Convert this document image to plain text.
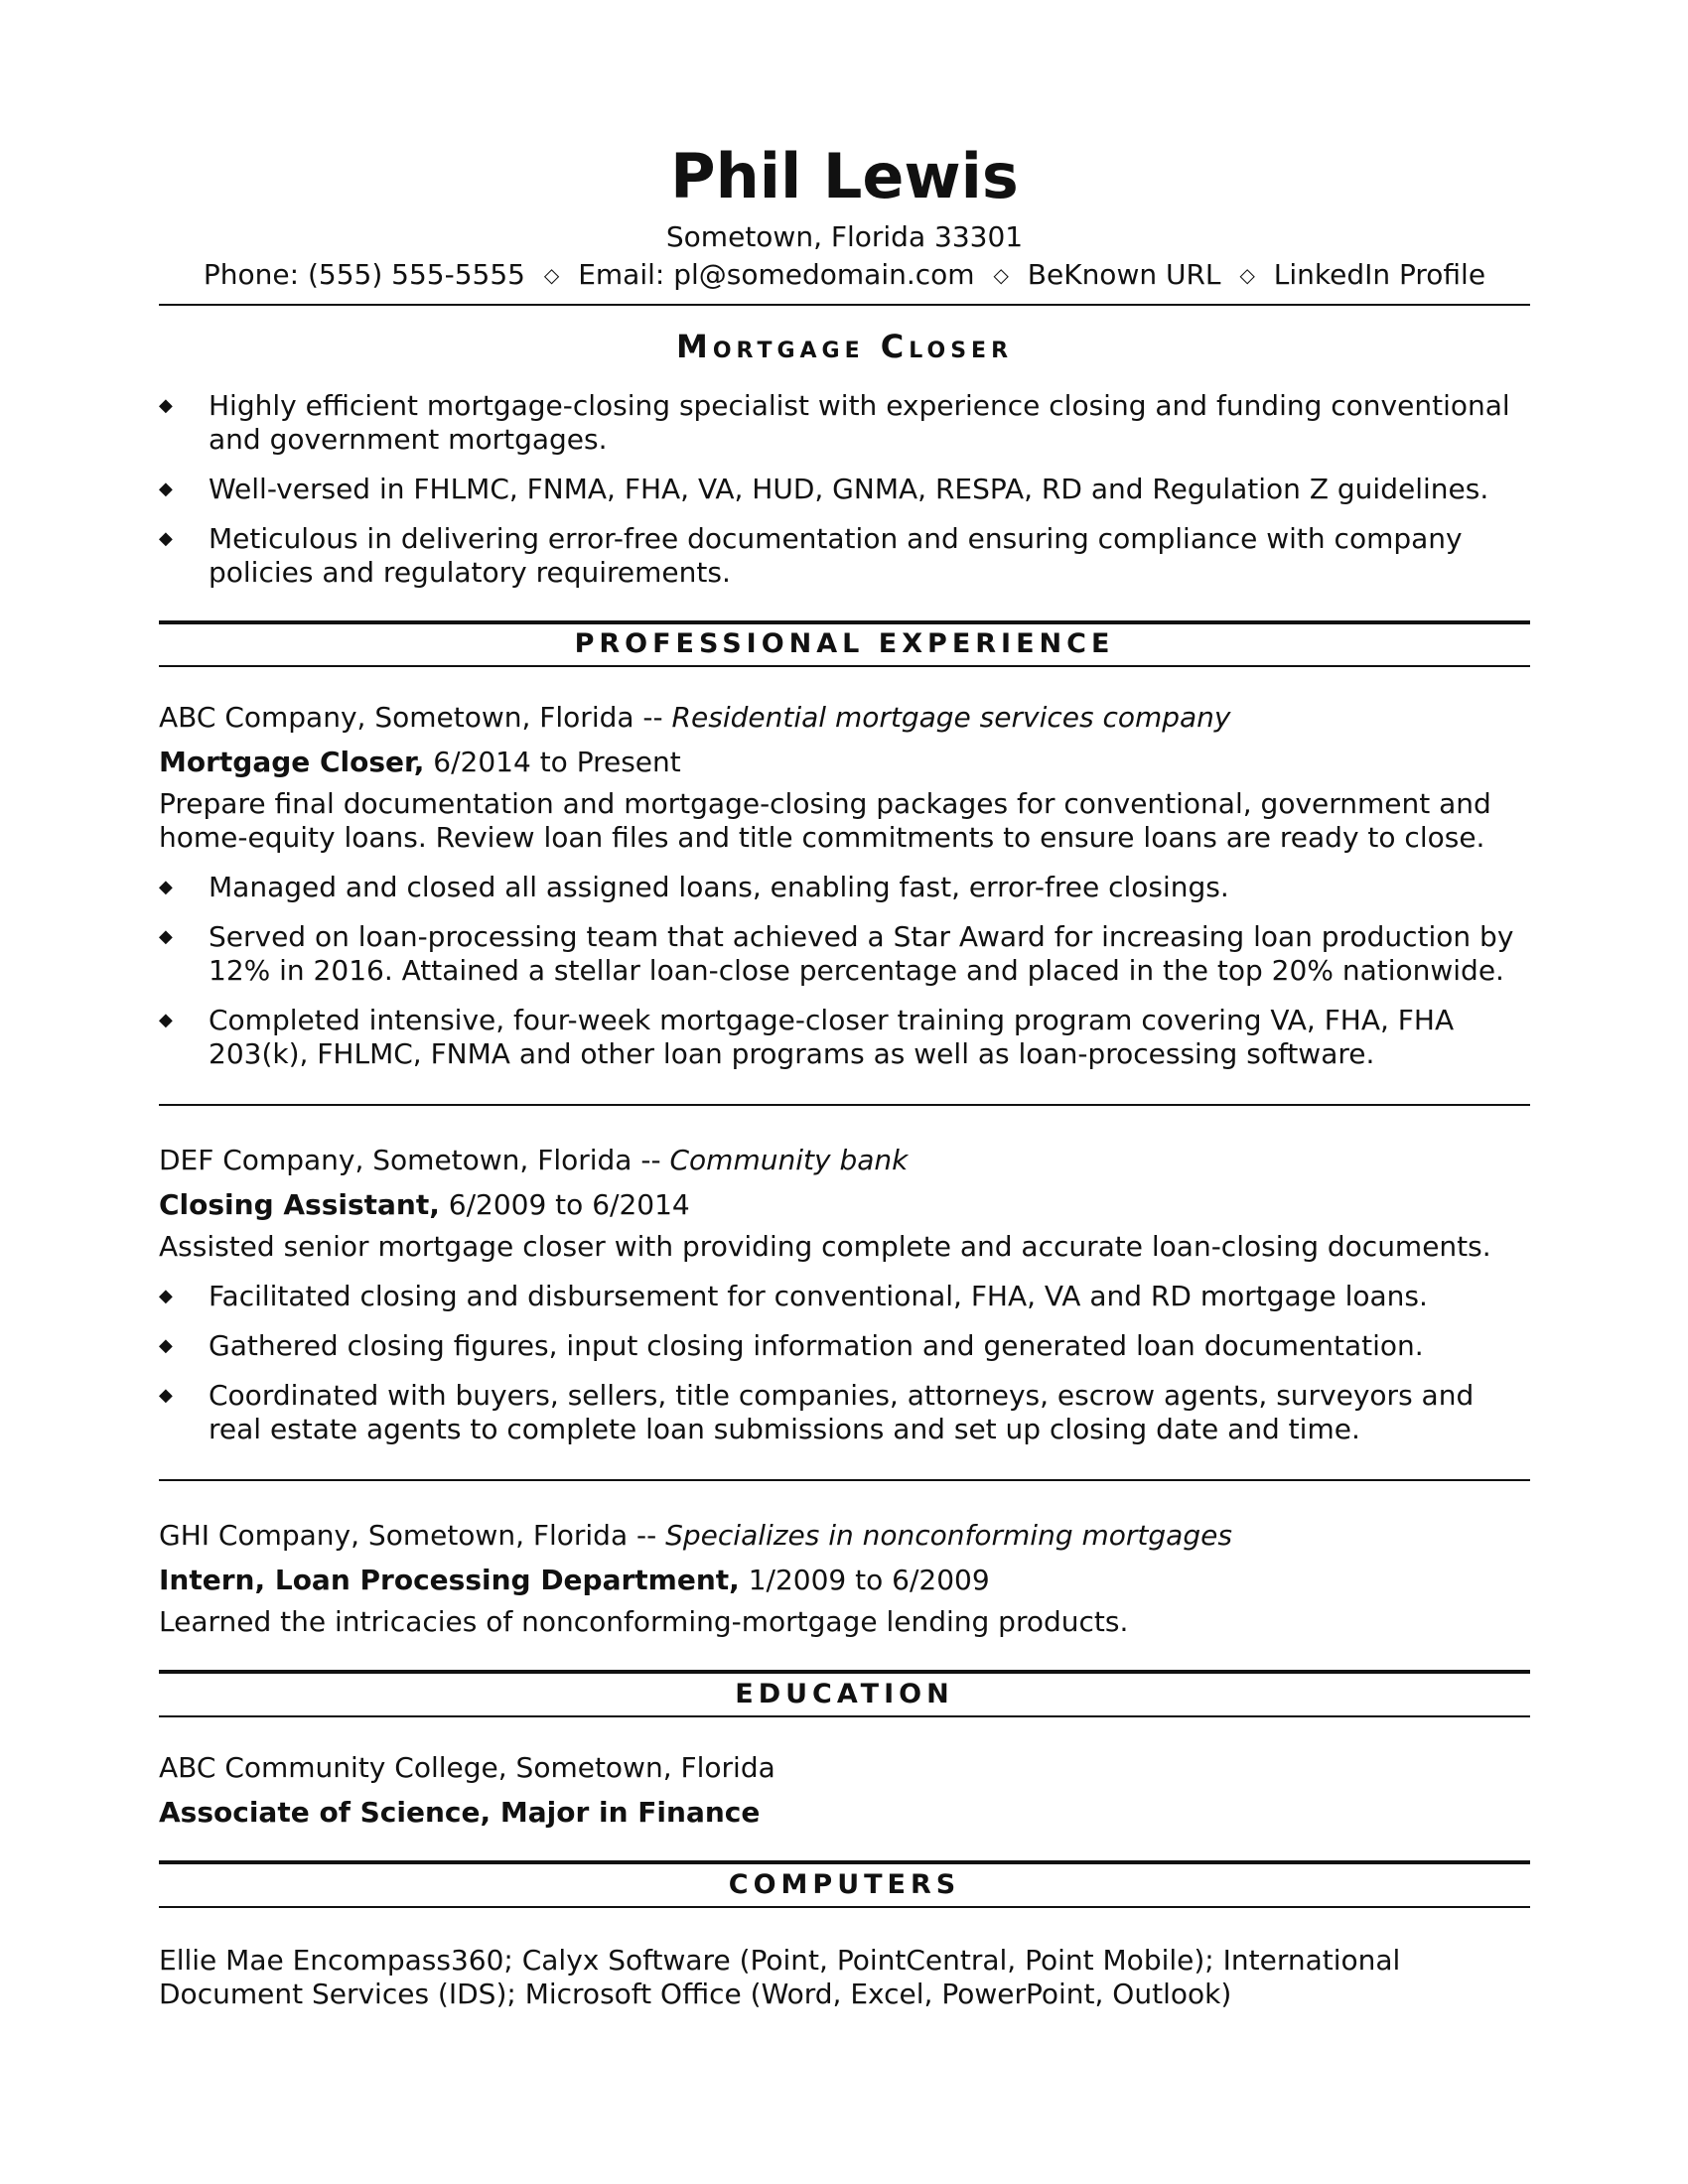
Phil Lewis
Sometown, Florida 33301
Phone: (555) 555-5555 ◇ Email: pl@somedomain.com ◇ BeKnown URL ◇ LinkedIn Profile
Mortgage Closer
◆ Highly efficient mortgage-closing specialist with experience closing and funding conventional and government mortgages.
◆ Well-versed in FHLMC, FNMA, FHA, VA, HUD, GNMA, RESPA, RD and Regulation Z guidelines.
◆ Meticulous in delivering error-free documentation and ensuring compliance with company policies and regulatory requirements.
PROFESSIONAL EXPERIENCE
ABC Company, Sometown, Florida -- Residential mortgage services company
Mortgage Closer, 6/2014 to Present
Prepare final documentation and mortgage-closing packages for conventional, government and home-equity loans. Review loan files and title commitments to ensure loans are ready to close.
◆ Managed and closed all assigned loans, enabling fast, error-free closings.
◆ Served on loan-processing team that achieved a Star Award for increasing loan production by 12% in 2016. Attained a stellar loan-close percentage and placed in the top 20% nationwide.
◆ Completed intensive, four-week mortgage-closer training program covering VA, FHA, FHA 203(k), FHLMC, FNMA and other loan programs as well as loan-processing software.
DEF Company, Sometown, Florida -- Community bank
Closing Assistant, 6/2009 to 6/2014
Assisted senior mortgage closer with providing complete and accurate loan-closing documents.
◆ Facilitated closing and disbursement for conventional, FHA, VA and RD mortgage loans.
◆ Gathered closing figures, input closing information and generated loan documentation.
◆ Coordinated with buyers, sellers, title companies, attorneys, escrow agents, surveyors and real estate agents to complete loan submissions and set up closing date and time.
GHI Company, Sometown, Florida -- Specializes in nonconforming mortgages
Intern, Loan Processing Department, 1/2009 to 6/2009
Learned the intricacies of nonconforming-mortgage lending products.
EDUCATION
ABC Community College, Sometown, Florida
Associate of Science, Major in Finance
COMPUTERS
Ellie Mae Encompass360; Calyx Software (Point, PointCentral, Point Mobile); International Document Services (IDS); Microsoft Office (Word, Excel, PowerPoint, Outlook)
